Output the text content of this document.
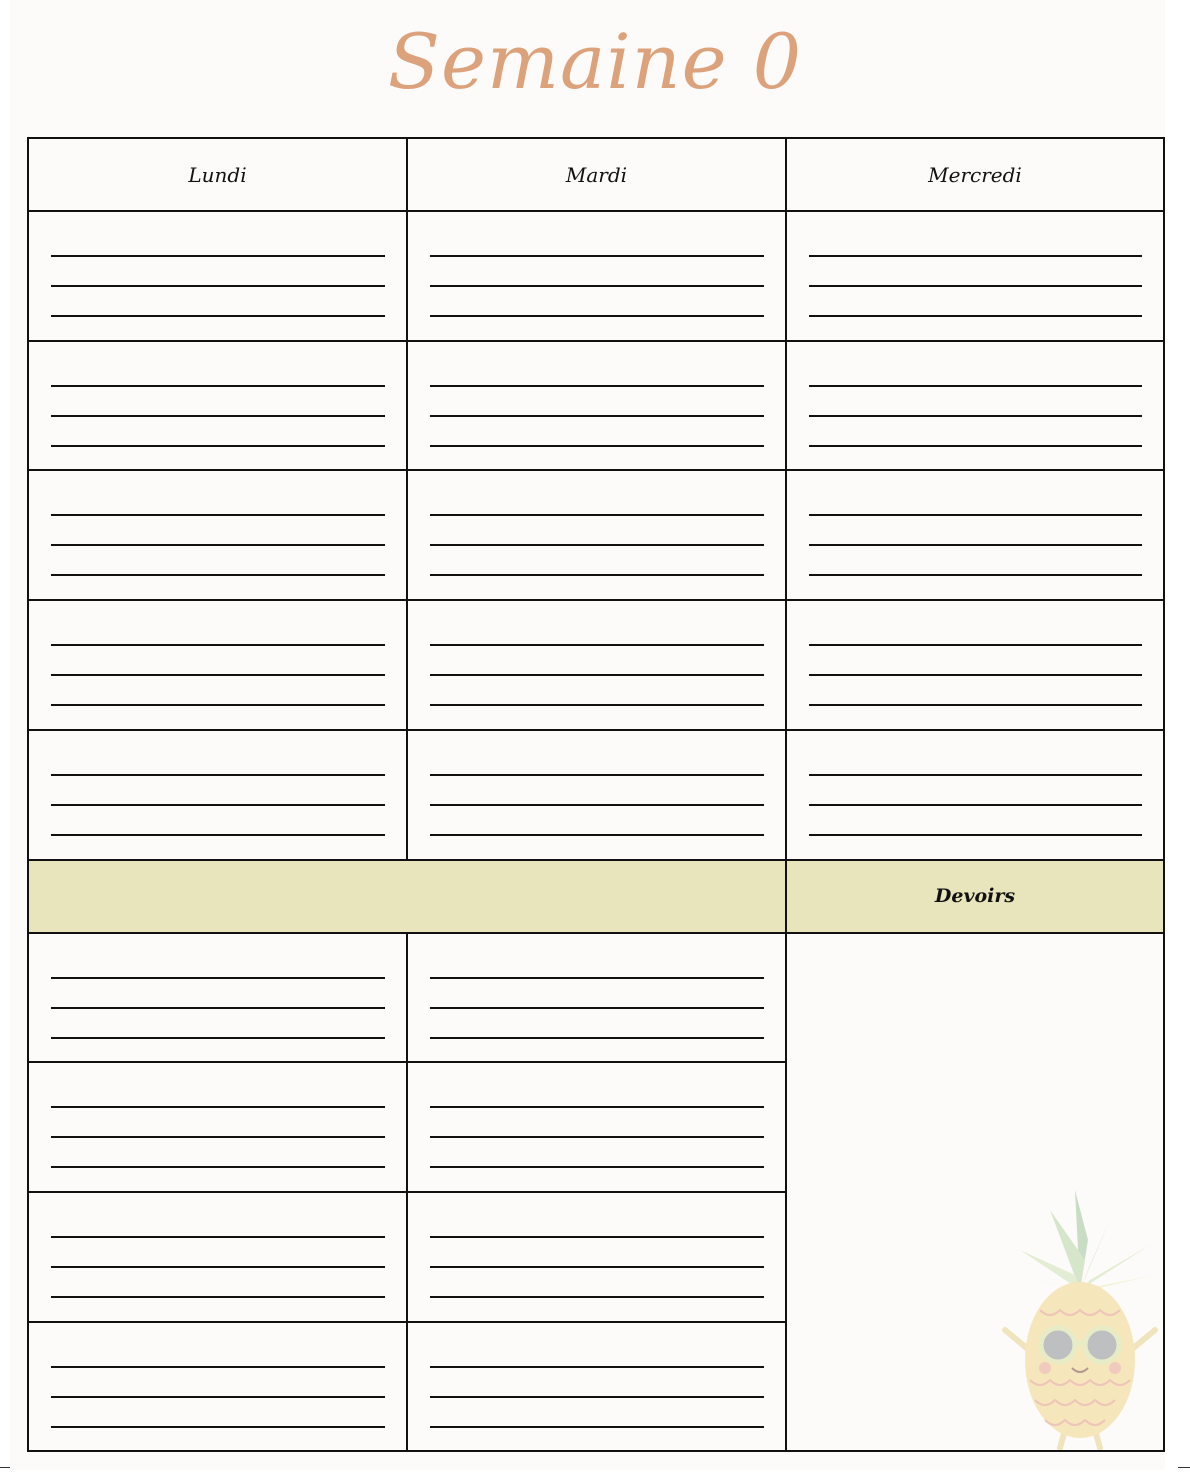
Semaine 0
Lundi	Mardi	Mercredi
Devoirs
